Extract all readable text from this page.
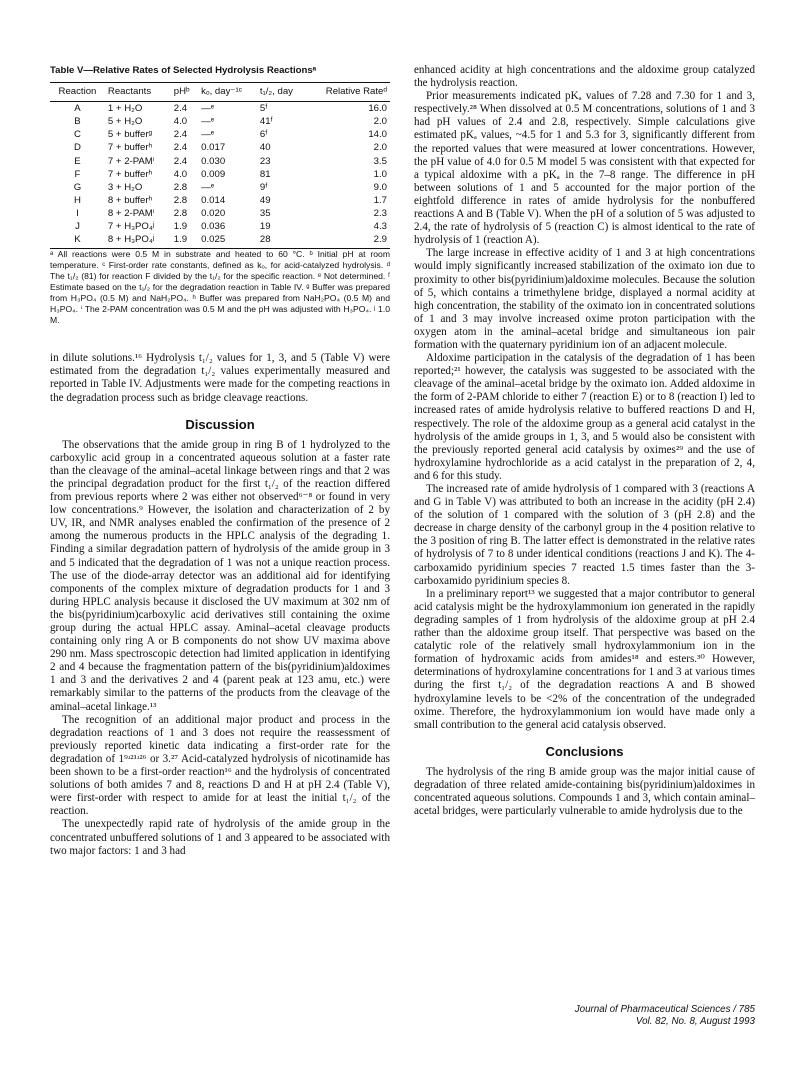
Table V—Relative Rates of Selected Hydrolysis Reactionsᵃ
Reaction	Reactants	pHᵇ	kₒ, day⁻¹ᶜ	t₁/₂, day	Relative Rateᵈ
A	1 + H₂O	2.4	—ᵉ	5ᶠ	16.0
B	5 + H₂O	4.0	—ᵉ	41ᶠ	2.0
C	5 + bufferᵍ	2.4	—ᵉ	6ᶠ	14.0
D	7 + bufferʰ	2.4	0.017	40	2.0
E	7 + 2-PAMⁱ	2.4	0.030	23	3.5
F	7 + bufferʰ	4.0	0.009	81	1.0
G	3 + H₂O	2.8	—ᵉ	9ᶠ	9.0
H	8 + bufferʰ	2.8	0.014	49	1.7
I	8 + 2-PAMⁱ	2.8	0.020	35	2.3
J	7 + H₃PO₄ʲ	1.9	0.036	19	4.3
K	8 + H₃PO₄ʲ	1.9	0.025	28	2.9

ᵃ All reactions were 0.5 M in substrate and heated to 60 °C. ᵇ Initial pH at room temperature. ᶜ First-order rate constants, defined as kₒ, for acid-catalyzed hydrolysis. ᵈ The t₁/₂ (81) for reaction F divided by the t₁/₂ for the specific reaction. ᵉ Not determined. ᶠ Estimate based on the t₁/₂ for the degradation reaction in Table IV. ᵍ Buffer was prepared from H₃PO₄ (0.5 M) and NaH₂PO₄. ʰ Buffer was prepared from NaH₂PO₄ (0.5 M) and H₃PO₄. ⁱ The 2-PAM concentration was 0.5 M and the pH was adjusted with H₃PO₄. ʲ 1.0 M.

in dilute solutions.¹⁶ Hydrolysis t₁/₂ values for 1, 3, and 5 (Table V) were estimated from the degradation t₁/₂ values experimentally measured and reported in Table IV. Adjustments were made for the competing reactions in the degradation process such as bridge cleavage reactions.

Discussion

The observations that the amide group in ring B of 1 hydrolyzed to the carboxylic acid group in a concentrated aqueous solution at a faster rate than the cleavage of the aminal–acetal linkage between rings and that 2 was the principal degradation product for the first t₁/₂ of the reaction differed from previous reports where 2 was either not observed⁶⁻⁸ or found in very low concentrations.⁹ However, the isolation and characterization of 2 by UV, IR, and NMR analyses enabled the confirmation of the presence of 2 among the numerous products in the HPLC analysis of the degrading 1. Finding a similar degradation pattern of hydrolysis of the amide group in 3 and 5 indicated that the degradation of 1 was not a unique reaction process. The use of the diode-array detector was an additional aid for identifying components of the complex mixture of degradation products for 1 and 3 during HPLC analysis because it disclosed the UV maximum at 302 nm of the bis(pyridinium)carboxylic acid derivatives still containing the oxime group during the actual HPLC assay. Aminal–acetal cleavage products containing only ring A or B components do not show UV maxima above 290 nm. Mass spectroscopic detection had limited application in identifying 2 and 4 because the fragmentation pattern of the bis(pyridinium)aldoximes 1 and 3 and the derivatives 2 and 4 (parent peak at 123 amu, etc.) were remarkably similar to the patterns of the products from the cleavage of the aminal–acetal linkage.¹³

The recognition of an additional major product and process in the degradation reactions of 1 and 3 does not require the reassessment of previously reported kinetic data indicating a first-order rate for the degradation of 1⁹ʴ²¹ʴ²⁶ or 3.²⁷ Acid-catalyzed hydrolysis of nicotinamide has been shown to be a first-order reaction¹⁶ and the hydrolysis of concentrated solutions of both amides 7 and 8, reactions D and H at pH 2.4 (Table V), were first-order with respect to amide for at least the initial t₁/₂ of the reaction.

The unexpectedly rapid rate of hydrolysis of the amide group in the concentrated unbuffered solutions of 1 and 3 appeared to be associated with two major factors: 1 and 3 had

enhanced acidity at high concentrations and the aldoxime group catalyzed the hydrolysis reaction.

Prior measurements indicated pKₐ values of 7.28 and 7.30 for 1 and 3, respectively.²⁸ When dissolved at 0.5 M concentrations, solutions of 1 and 3 had pH values of 2.4 and 2.8, respectively. Simple calculations give estimated pKₐ values, ~4.5 for 1 and 5.3 for 3, significantly different from the reported values that were measured at lower concentrations. However, the pH value of 4.0 for 0.5 M model 5 was consistent with that expected for a typical aldoxime with a pKₐ in the 7–8 range. The difference in pH between solutions of 1 and 5 accounted for the major portion of the eightfold difference in rates of amide hydrolysis for the nonbuffered reactions A and B (Table V). When the pH of a solution of 5 was adjusted to 2.4, the rate of hydrolysis of 5 (reaction C) is almost identical to the rate of hydrolysis of 1 (reaction A).

The large increase in effective acidity of 1 and 3 at high concentrations would imply significantly increased stabilization of the oximato ion due to proximity to other bis(pyridinium)aldoxime molecules. Because the solution of 5, which contains a trimethylene bridge, displayed a normal acidity at high concentration, the stability of the oximato ion in concentrated solutions of 1 and 3 may involve increased oxime proton participation with the oxygen atom in the aminal–acetal bridge and simultaneous ion pair formation with the quaternary pyridinium ion of an adjacent molecule.

Aldoxime participation in the catalysis of the degradation of 1 has been reported;²¹ however, the catalysis was suggested to be associated with the cleavage of the aminal–acetal bridge by the oximato ion. Added aldoxime in the form of 2-PAM chloride to either 7 (reaction E) or to 8 (reaction I) led to increased rates of amide hydrolysis relative to buffered reactions D and H, respectively. The role of the aldoxime group as a general acid catalyst in the hydrolysis of the amide groups in 1, 3, and 5 would also be consistent with the previously reported general acid catalysis by oximes²⁹ and the use of hydroxylamine hydrochloride as a acid catalyst in the preparation of 2, 4, and 6 for this study.

The increased rate of amide hydrolysis of 1 compared with 3 (reactions A and G in Table V) was attributed to both an increase in the acidity (pH 2.4) of the solution of 1 compared with the solution of 3 (pH 2.8) and the decrease in charge density of the carbonyl group in the 4 position relative to the 3 position of ring B. The latter effect is demonstrated in the relative rates of hydrolysis of 7 to 8 under identical conditions (reactions J and K). The 4-carboxamido pyridinium species 7 reacted 1.5 times faster than the 3-carboxamido pyridinium species 8.

In a preliminary report¹³ we suggested that a major contributor to general acid catalysis might be the hydroxylammonium ion generated in the rapidly degrading samples of 1 from hydrolysis of the aldoxime group at pH 2.4 rather than the aldoxime group itself. That perspective was based on the catalytic role of the relatively small hydroxylammonium ion in the formation of hydroxamic acids from amides¹⁸ and esters.³⁰ However, determinations of hydroxylamine concentrations for 1 and 3 at various times during the first t₁/₂ of the degradation reactions A and B showed hydroxylamine levels to be <2% of the concentration of the undegraded oxime. Therefore, the hydroxylammonium ion would have made only a small contribution to the general acid catalysis observed.

Conclusions

The hydrolysis of the ring B amide group was the major initial cause of degradation of three related amide-containing bis(pyridinium)aldoximes in concentrated aqueous solutions. Compounds 1 and 3, which contain aminal–acetal bridges, were particularly vulnerable to amide hydrolysis due to the

Journal of Pharmaceutical Sciences / 785
Vol. 82, No. 8, August 1993
